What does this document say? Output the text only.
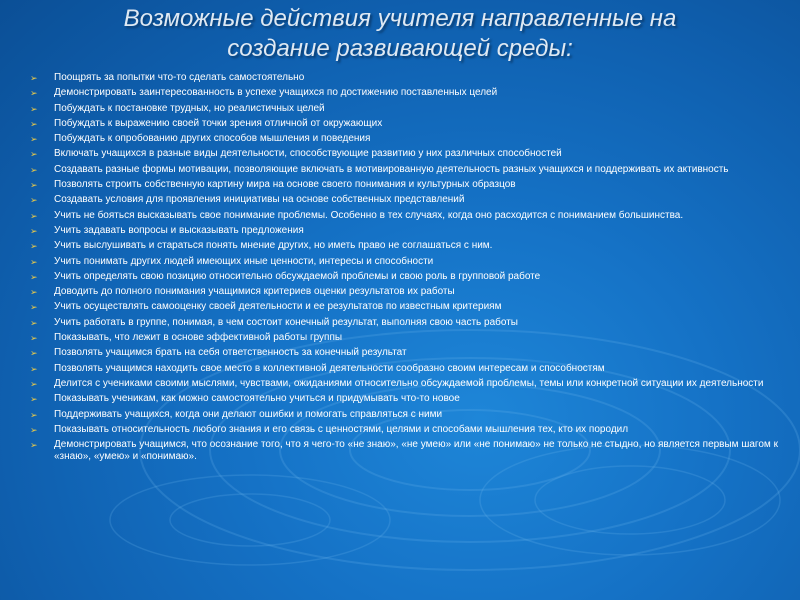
Возможные действия учителя направленные на
создание развивающей среды:
➢ Поощрять за попытки что-то сделать самостоятельно
➢ Демонстрировать заинтересованность в успехе учащихся по достижению поставленных целей
➢ Побуждать к постановке трудных, но реалистичных целей
➢ Побуждать к выражению своей точки зрения отличной от окружающих
➢ Побуждать к опробованию других способов мышления и поведения
➢ Включать учащихся в разные виды деятельности, способствующие развитию у них различных способностей
➢ Создавать разные формы мотивации, позволяющие включать в мотивированную деятельность разных учащихся и поддерживать их активность
➢ Позволять строить собственную картину мира на основе своего понимания и культурных образцов
➢ Создавать условия для проявления инициативы на основе собственных представлений
➢ Учить не бояться высказывать свое понимание проблемы. Особенно в тех случаях, когда оно расходится с пониманием большинства.
➢ Учить задавать вопросы и высказывать предложения
➢ Учить выслушивать и стараться понять мнение других, но иметь право не соглашаться с ним.
➢ Учить понимать других людей имеющих иные ценности, интересы и способности
➢ Учить определять свою позицию относительно обсуждаемой проблемы и свою роль в групповой работе
➢ Доводить до полного понимания учащимися критериев оценки результатов их работы
➢ Учить осуществлять самооценку своей деятельности и ее результатов по известным критериям
➢ Учить работать в группе, понимая, в чем состоит конечный результат, выполняя свою часть работы
➢ Показывать, что лежит в основе эффективной работы группы
➢ Позволять учащимся брать на себя ответственность за конечный результат
➢ Позволять учащимся находить свое место в коллективной деятельности сообразно своим интересам и способностям
➢ Делится с учениками своими мыслями, чувствами, ожиданиями относительно обсуждаемой проблемы, темы или конкретной ситуации их деятельности
➢ Показывать ученикам, как можно самостоятельно учиться и придумывать что-то новое
➢ Поддерживать учащихся, когда они делают ошибки и помогать справляться с ними
➢ Показывать относительность любого знания и его связь с ценностями, целями и способами мышления тех, кто их породил
➢ Демонстрировать учащимся, что осознание того, что я чего-то «не знаю», «не умею» или «не понимаю» не только не стыдно, но является первым шагом к «знаю», «умею» и «понимаю».
